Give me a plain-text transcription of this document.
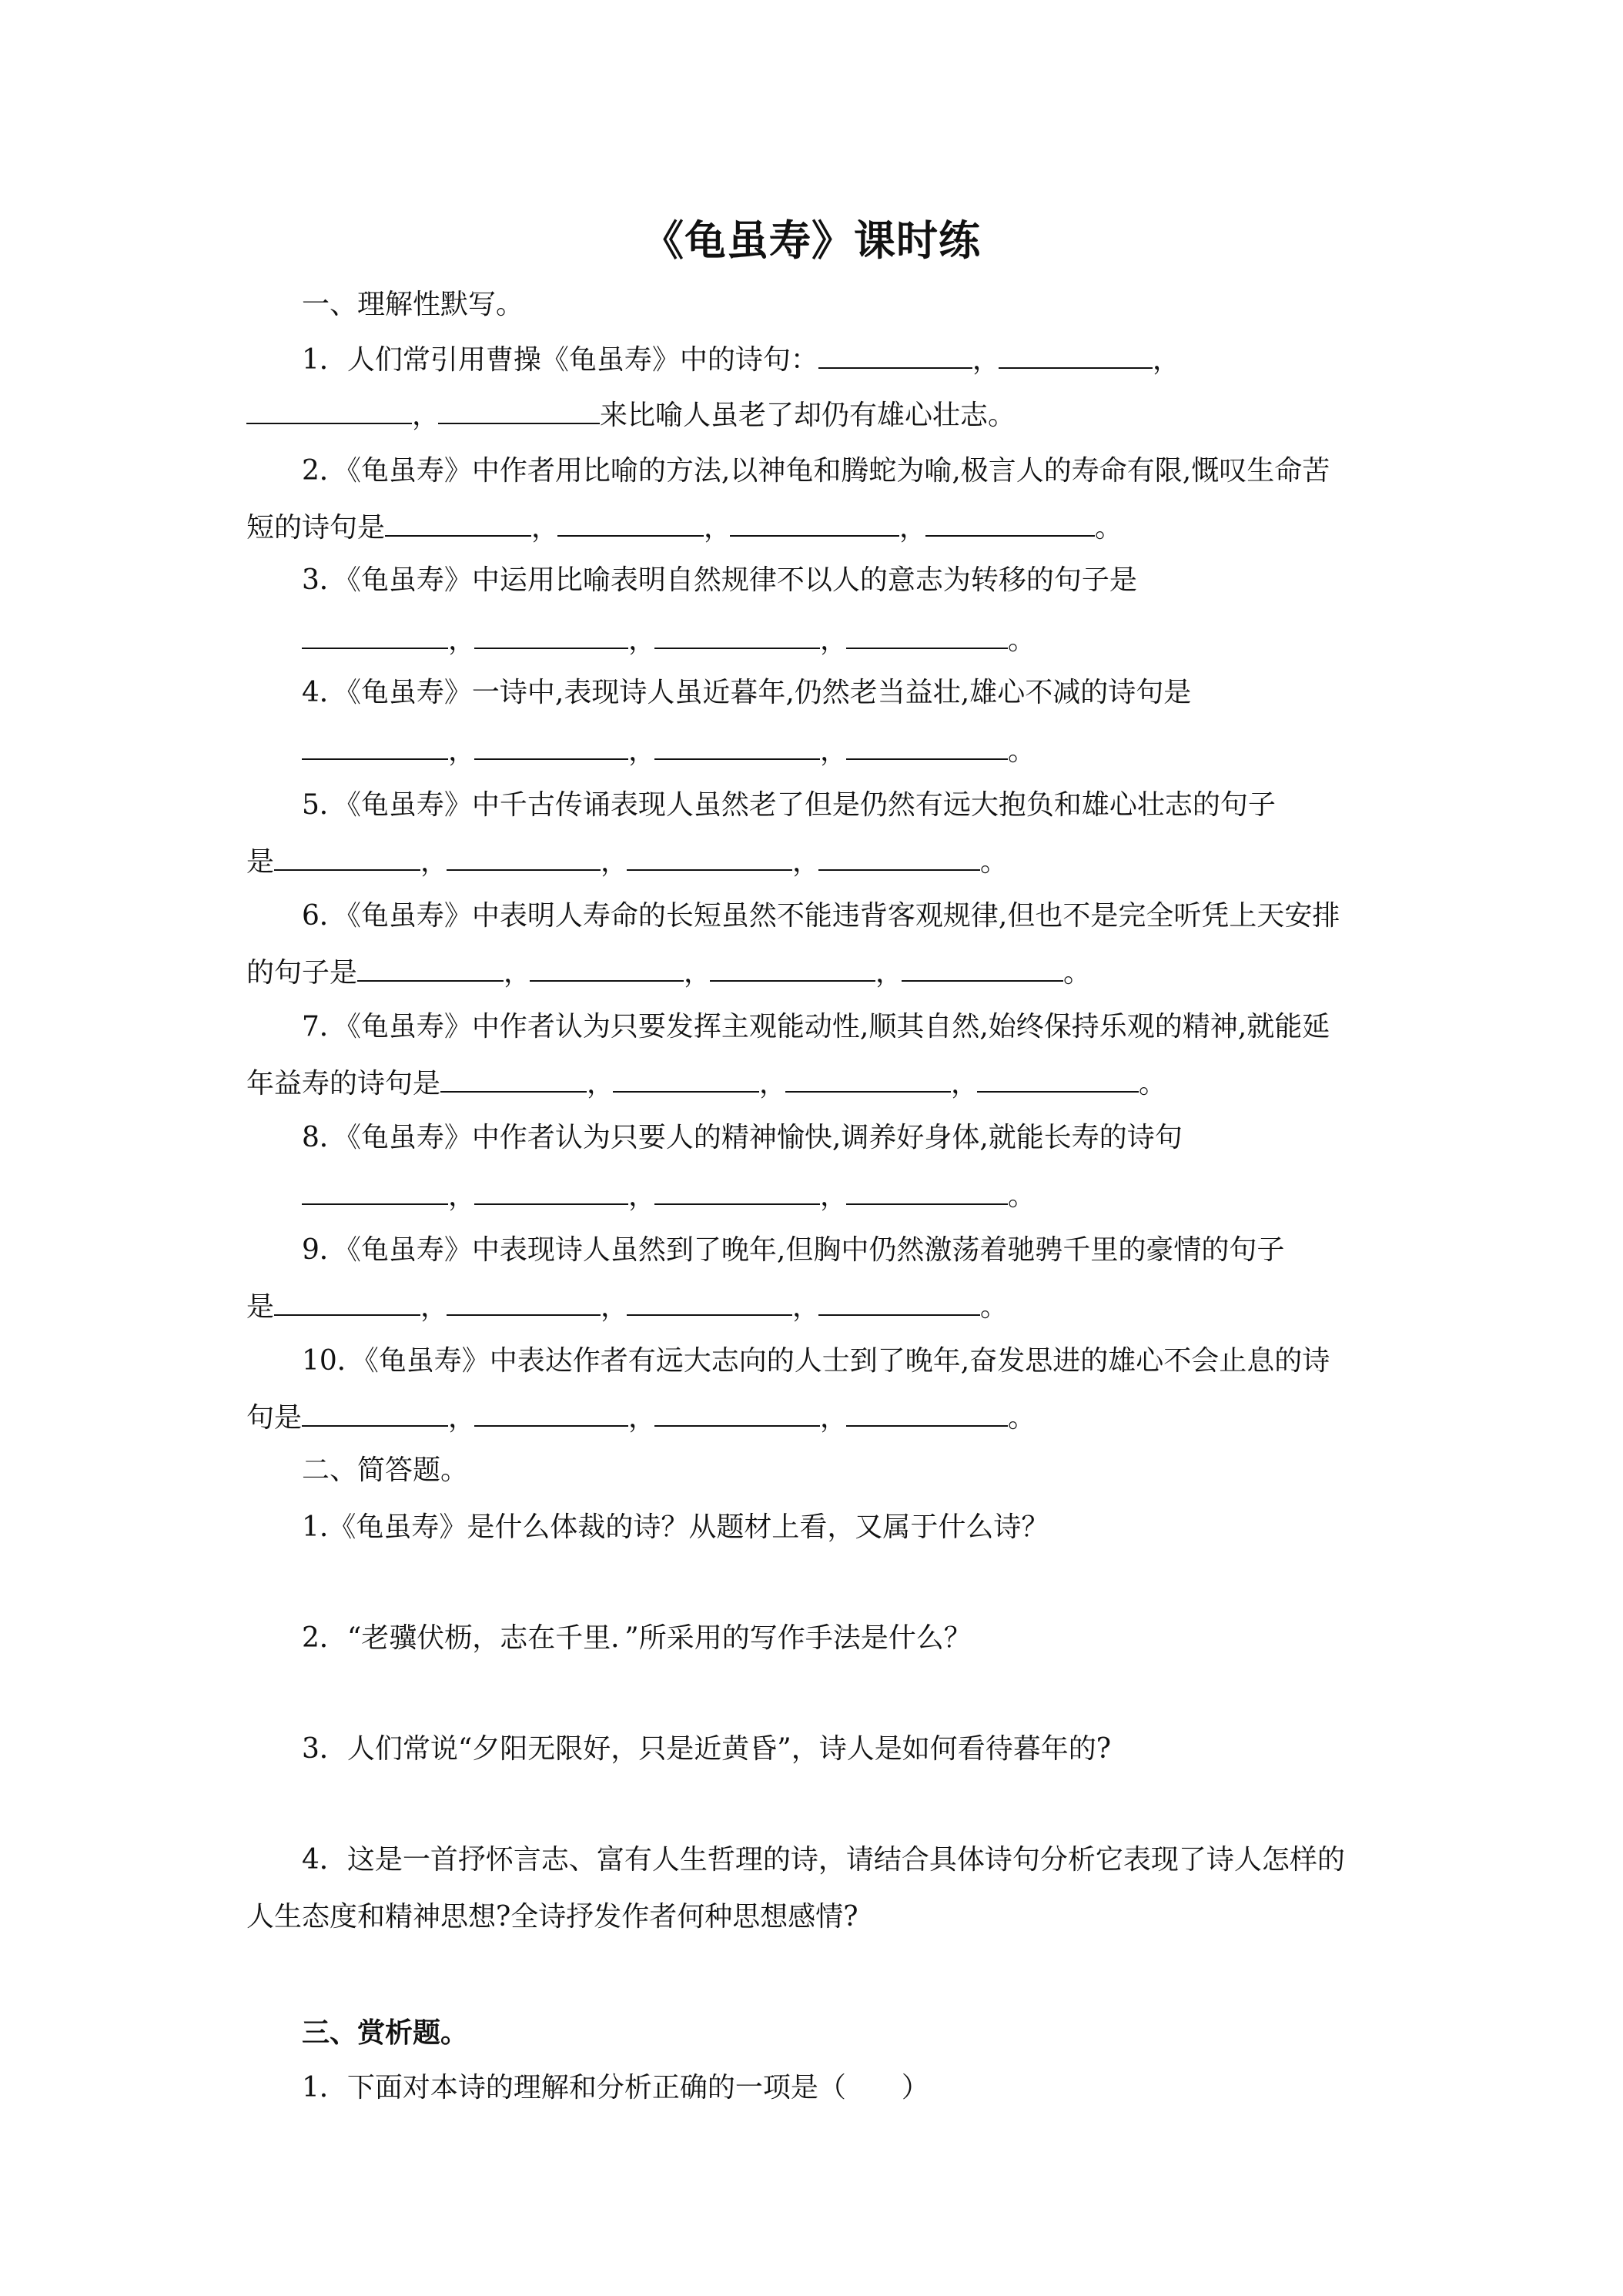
《龟虽寿》课时练
一、理解性默写。
1．人们常引用曹操《龟虽寿》中的诗句：	，	，
，	来比喻人虽老了却仍有雄心壮志。
2．《龟虽寿》中作者用比喻的方法,以神龟和腾蛇为喻,极言人的寿命有限,慨叹生命苦
短的诗句是	，	，	，	。
3．《龟虽寿》中运用比喻表明自然规律不以人的意志为转移的句子是
，	，	，	。
4．《龟虽寿》一诗中,表现诗人虽近暮年,仍然老当益壮,雄心不减的诗句是
，	，	，	。
5．《龟虽寿》中千古传诵表现人虽然老了但是仍然有远大抱负和雄心壮志的句子
是	，	，	，	。
6．《龟虽寿》中表明人寿命的长短虽然不能违背客观规律,但也不是完全听凭上天安排
的句子是	，	，	，	。
7．《龟虽寿》中作者认为只要发挥主观能动性,顺其自然,始终保持乐观的精神,就能延
年益寿的诗句是	，	，	，	。
8．《龟虽寿》中作者认为只要人的精神愉快,调养好身体,就能长寿的诗句
，	，	，	。
9．《龟虽寿》中表现诗人虽然到了晚年,但胸中仍然激荡着驰骋千里的豪情的句子
是	，	，	，	。
10．《龟虽寿》中表达作者有远大志向的人士到了晚年,奋发思进的雄心不会止息的诗
句是	，	，	，	。
二、简答题。
1.《龟虽寿》是什么体裁的诗？从题材上看，又属于什么诗？
2．“老骥伏枥，志在千里．”所采用的写作手法是什么？
3．人们常说“夕阳无限好，只是近黄昏”，诗人是如何看待暮年的?
4．这是一首抒怀言志、富有人生哲理的诗，请结合具体诗句分析它表现了诗人怎样的
人生态度和精神思想?全诗抒发作者何种思想感情?
三、赏析题。
1．下面对本诗的理解和分析正确的一项是（　　）
